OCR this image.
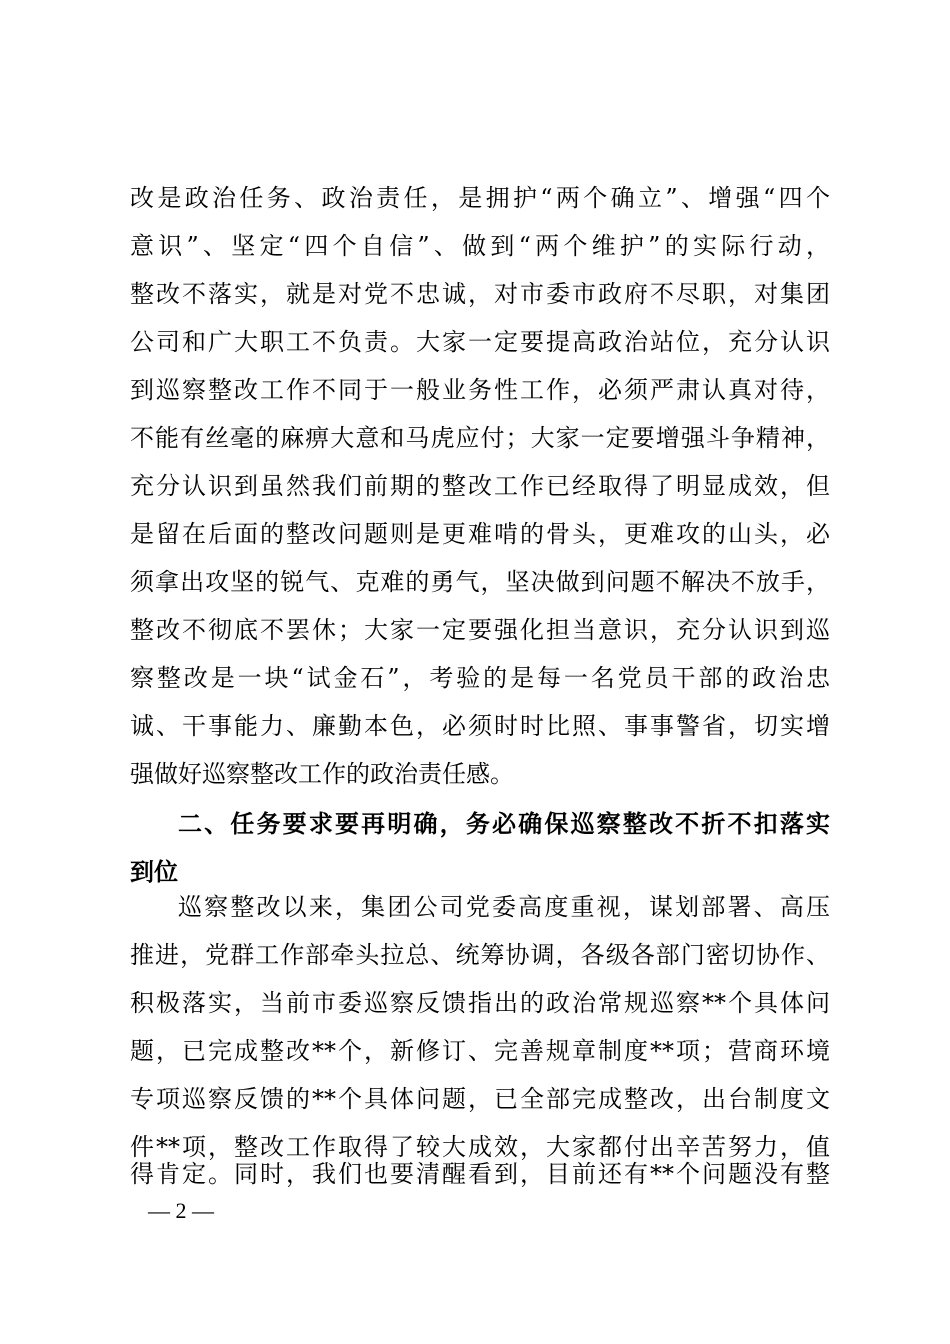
改是政治任务、政治责任，是拥护“两个确立”、增强“四个
意识”、坚定“四个自信”、做到“两个维护”的实际行动，
整改不落实，就是对党不忠诚，对市委市政府不尽职，对集团
公司和广大职工不负责。大家一定要提高政治站位，充分认识
到巡察整改工作不同于一般业务性工作，必须严肃认真对待，
不能有丝毫的麻痹大意和马虎应付；大家一定要增强斗争精神，
充分认识到虽然我们前期的整改工作已经取得了明显成效，但
是留在后面的整改问题则是更难啃的骨头，更难攻的山头，必
须拿出攻坚的锐气、克难的勇气，坚决做到问题不解决不放手，
整改不彻底不罢休；大家一定要强化担当意识，充分认识到巡
察整改是一块“试金石”，考验的是每一名党员干部的政治忠
诚、干事能力、廉勤本色，必须时时比照、事事警省，切实增
强做好巡察整改工作的政治责任感。
二、任务要求要再明确，务必确保巡察整改不折不扣落实
到位
巡察整改以来，集团公司党委高度重视，谋划部署、高压
推进，党群工作部牵头拉总、统筹协调，各级各部门密切协作、
积极落实，当前市委巡察反馈指出的政治常规巡察**个具体问
题，已完成整改**个，新修订、完善规章制度**项；营商环境
专项巡察反馈的**个具体问题，已全部完成整改，出台制度文
件**项，整改工作取得了较大成效，大家都付出辛苦努力，值
得肯定。同时，我们也要清醒看到，目前还有**个问题没有整
— 2 —
